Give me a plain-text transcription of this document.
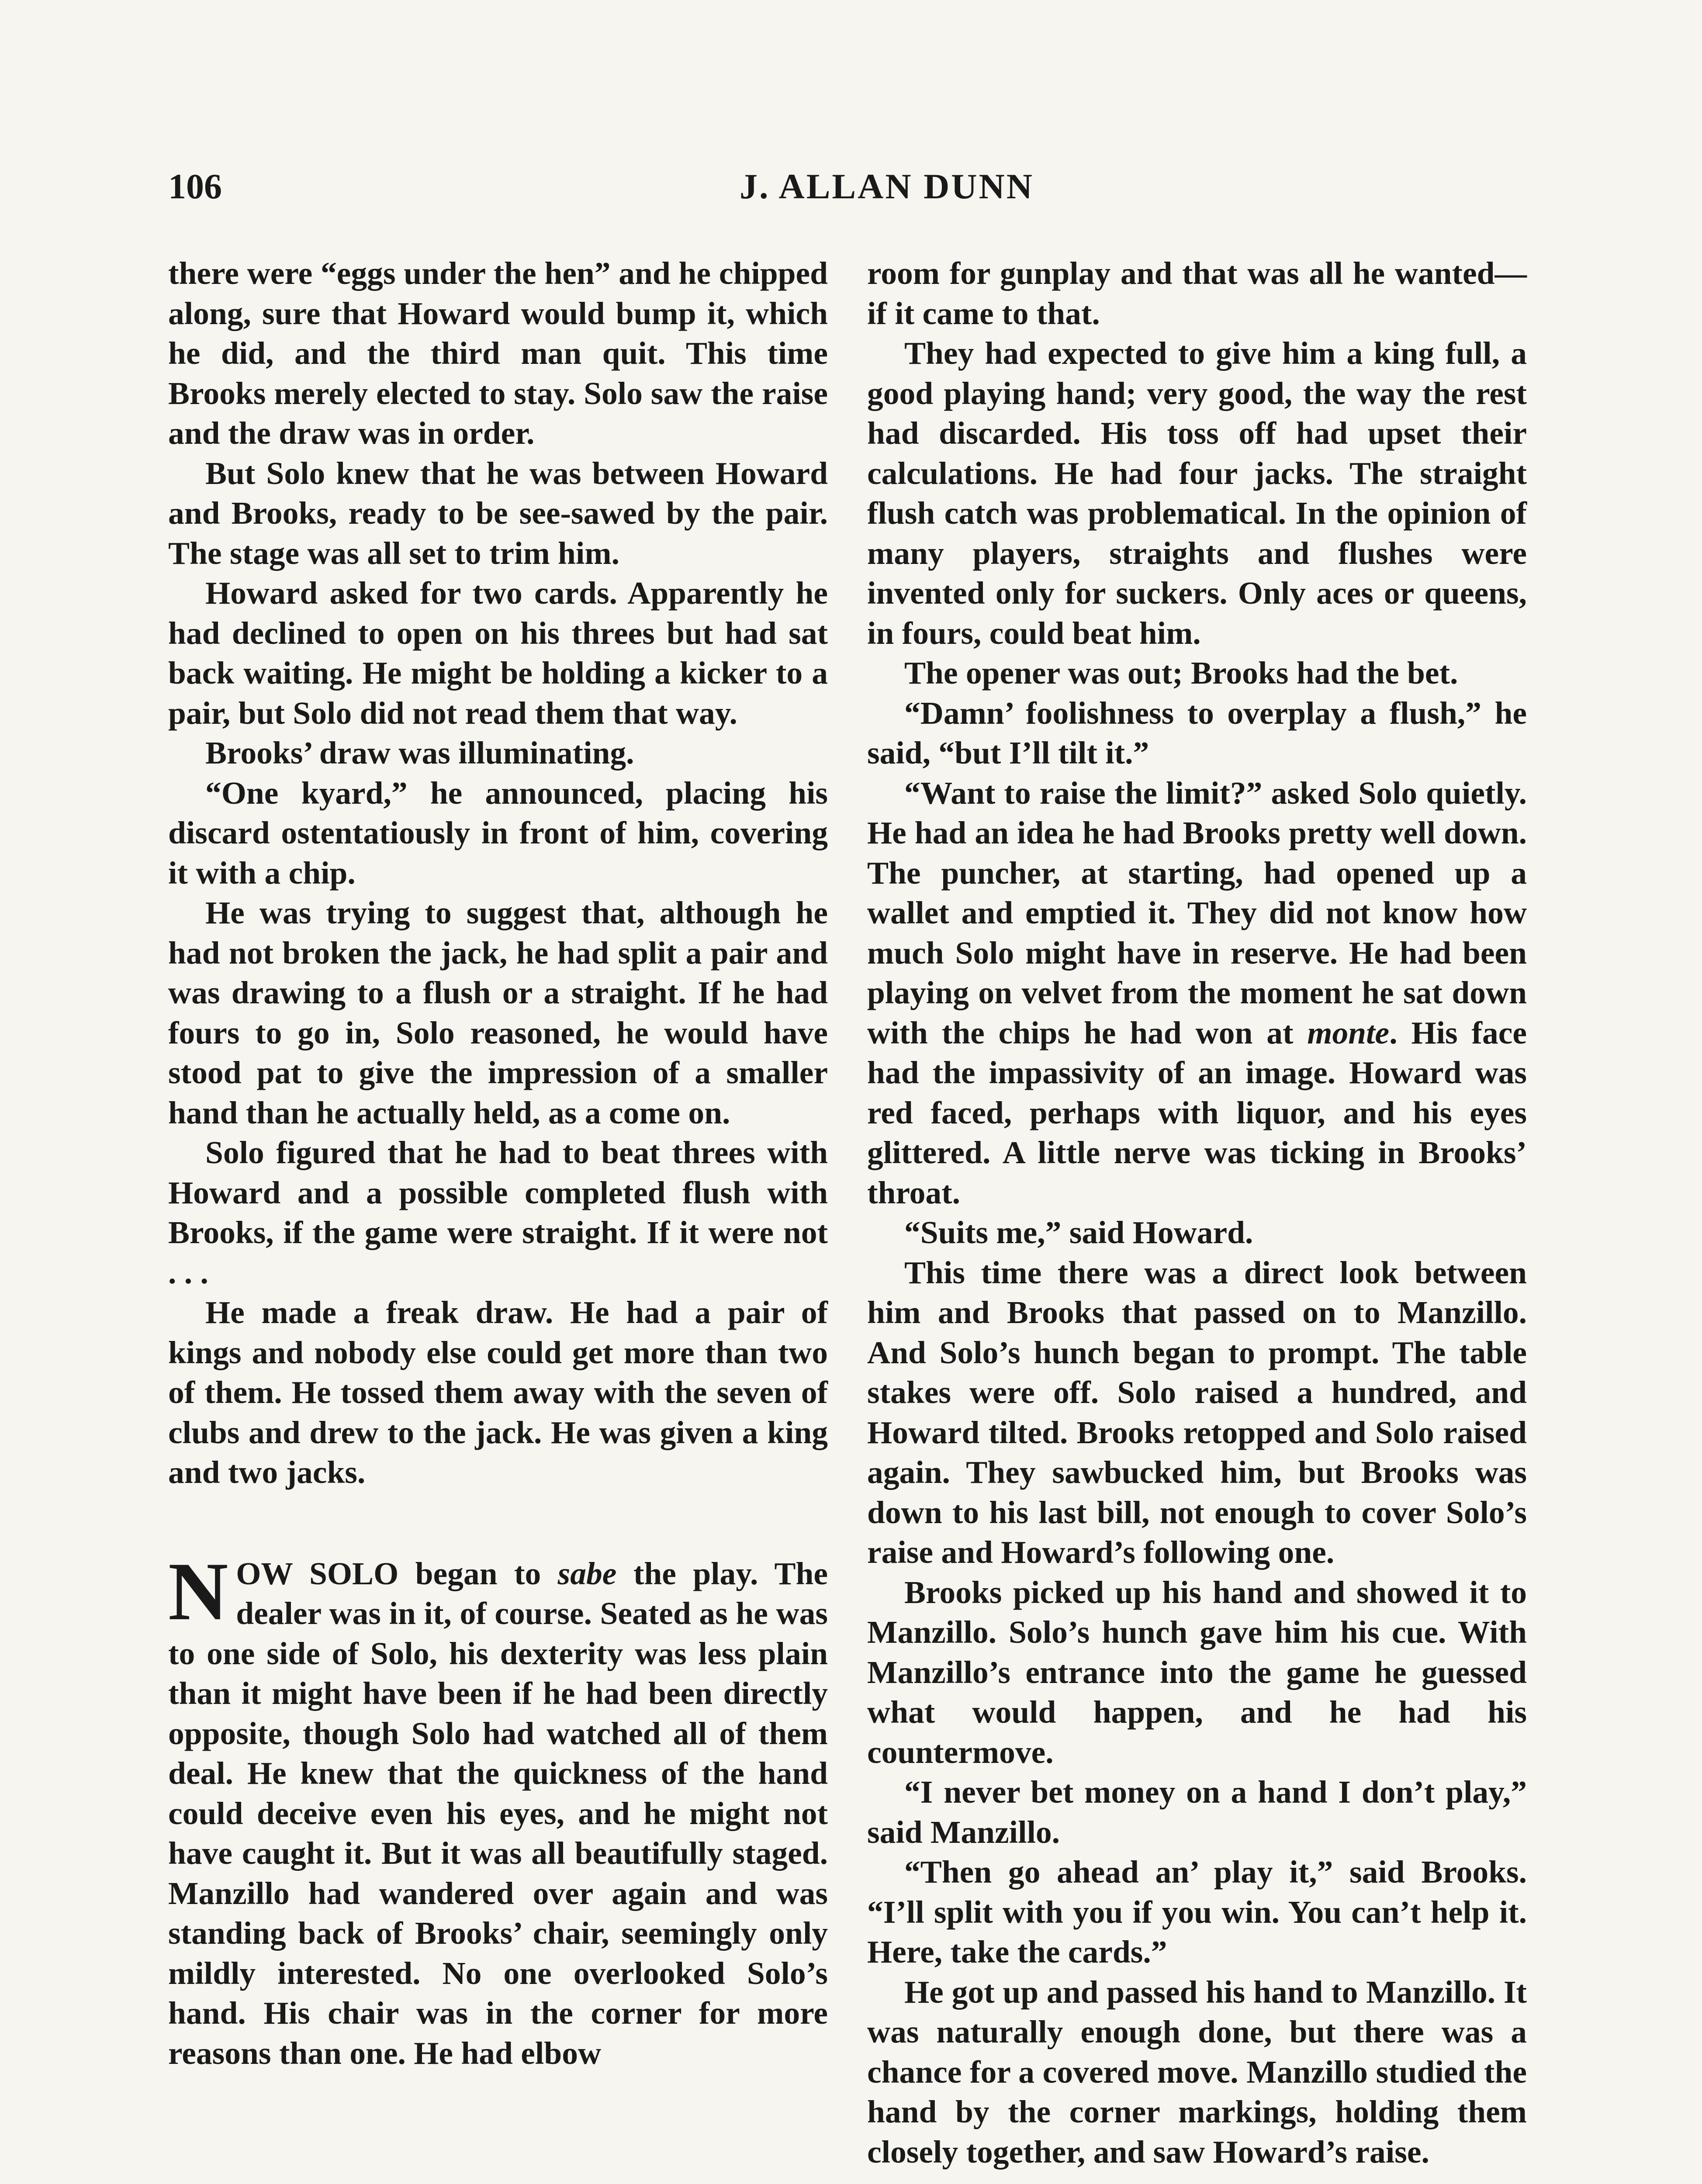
106	J. ALLAN DUNN

there were “eggs under the hen” and he chipped along, sure that Howard would bump it, which he did, and the third man quit. This time Brooks merely elected to stay. Solo saw the raise and the draw was in order.

But Solo knew that he was between Howard and Brooks, ready to be see-sawed by the pair. The stage was all set to trim him.

Howard asked for two cards. Apparently he had declined to open on his threes but had sat back waiting. He might be holding a kicker to a pair, but Solo did not read them that way.

Brooks’ draw was illuminating.

“One kyard,” he announced, placing his discard ostentatiously in front of him, covering it with a chip.

He was trying to suggest that, although he had not broken the jack, he had split a pair and was drawing to a flush or a straight. If he had fours to go in, Solo reasoned, he would have stood pat to give the impression of a smaller hand than he actually held, as a come on.

Solo figured that he had to beat threes with Howard and a possible completed flush with Brooks, if the game were straight. If it were not . . .

He made a freak draw. He had a pair of kings and nobody else could get more than two of them. He tossed them away with the seven of clubs and drew to the jack. He was given a king and two jacks.

NOW SOLO began to sabe the play. The dealer was in it, of course. Seated as he was to one side of Solo, his dexterity was less plain than it might have been if he had been directly opposite, though Solo had watched all of them deal. He knew that the quickness of the hand could deceive even his eyes, and he might not have caught it. But it was all beautifully staged. Manzillo had wandered over again and was standing back of Brooks’ chair, seemingly only mildly interested. No one overlooked Solo’s hand. His chair was in the corner for more reasons than one. He had elbow

room for gunplay and that was all he wanted—if it came to that.

They had expected to give him a king full, a good playing hand; very good, the way the rest had discarded. His toss off had upset their calculations. He had four jacks. The straight flush catch was problematical. In the opinion of many players, straights and flushes were invented only for suckers. Only aces or queens, in fours, could beat him.

The opener was out; Brooks had the bet.

“Damn’ foolishness to overplay a flush,” he said, “but I’ll tilt it.”

“Want to raise the limit?” asked Solo quietly. He had an idea he had Brooks pretty well down. The puncher, at starting, had opened up a wallet and emptied it. They did not know how much Solo might have in reserve. He had been playing on velvet from the moment he sat down with the chips he had won at monte. His face had the impassivity of an image. Howard was red faced, perhaps with liquor, and his eyes glittered. A little nerve was ticking in Brooks’ throat.

“Suits me,” said Howard.

This time there was a direct look between him and Brooks that passed on to Manzillo. And Solo’s hunch began to prompt. The table stakes were off. Solo raised a hundred, and Howard tilted. Brooks retopped and Solo raised again. They sawbucked him, but Brooks was down to his last bill, not enough to cover Solo’s raise and Howard’s following one.

Brooks picked up his hand and showed it to Manzillo. Solo’s hunch gave him his cue. With Manzillo’s entrance into the game he guessed what would happen, and he had his countermove.

“I never bet money on a hand I don’t play,” said Manzillo.

“Then go ahead an’ play it,” said Brooks. “I’ll split with you if you win. You can’t help it. Here, take the cards.”

He got up and passed his hand to Manzillo. It was naturally enough done, but there was a chance for a covered move. Manzillo studied the hand by the corner markings, holding them closely together, and saw Howard’s raise.
